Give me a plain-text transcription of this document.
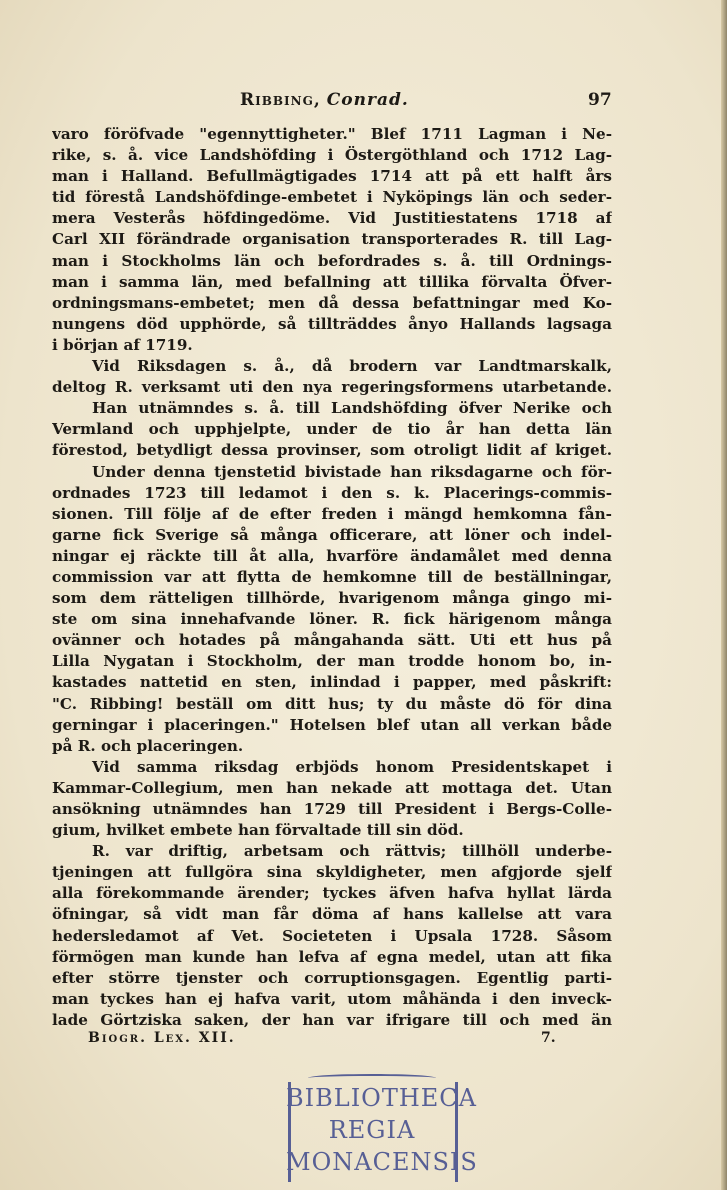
Ribbing, Conrad.	97
varo föröfvade "egennyttigheter." Blef 1711 Lagman i Ne-
rike, s. å. vice Landshöfding i Östergöthland och 1712 Lag-
man i Halland. Befullmägtigades 1714 att på ett halft års
tid förestå Landshöfdinge-embetet i Nyköpings län och seder-
mera Vesterås höfdingedöme. Vid Justitiestatens 1718 af
Carl XII förändrade organisation transporterades R. till Lag-
man i Stockholms län och befordrades s. å. till Ordnings-
man i samma län, med befallning att tillika förvalta Öfver-
ordningsmans-embetet; men då dessa befattningar med Ko-
nungens död upphörde, så tillträddes ånyo Hallands lagsaga
i början af 1719.
Vid Riksdagen s. å., då brodern var Landtmarskalk,
deltog R. verksamt uti den nya regeringsformens utarbetande.
Han utnämndes s. å. till Landshöfding öfver Nerike och
Vermland och upphjelpte, under de tio år han detta län
förestod, betydligt dessa provinser, som otroligt lidit af kriget.
Under denna tjenstetid bivistade han riksdagarne och för-
ordnades 1723 till ledamot i den s. k. Placerings-commis-
sionen. Till följe af de efter freden i mängd hemkomna fån-
garne fick Sverige så många officerare, att löner och indel-
ningar ej räckte till åt alla, hvarföre ändamålet med denna
commission var att flytta de hemkomne till de beställningar,
som dem rätteligen tillhörde, hvarigenom många gingo mi-
ste om sina innehafvande löner. R. fick härigenom många
ovänner och hotades på mångahanda sätt. Uti ett hus på
Lilla Nygatan i Stockholm, der man trodde honom bo, in-
kastades nattetid en sten, inlindad i papper, med påskrift:
"C. Ribbing! beställ om ditt hus; ty du måste dö för dina
gerningar i placeringen." Hotelsen blef utan all verkan både
på R. och placeringen.
Vid samma riksdag erbjöds honom Presidentskapet i
Kammar-Collegium, men han nekade att mottaga det. Utan
ansökning utnämndes han 1729 till President i Bergs-Colle-
gium, hvilket embete han förvaltade till sin död.
R. var driftig, arbetsam och rättvis; tillhöll underbe-
tjeningen att fullgöra sina skyldigheter, men afgjorde sjelf
alla förekommande ärender; tyckes äfven hafva hyllat lärda
öfningar, så vidt man får döma af hans kallelse att vara
hedersledamot af Vet. Societeten i Upsala 1728. Såsom
förmögen man kunde han lefva af egna medel, utan att fika
efter större tjenster och corruptionsgagen. Egentlig parti-
man tyckes han ej hafva varit, utom måhända i den inveck-
lade Görtziska saken, der han var ifrigare till och med än
Biogr. Lex. XII.	7.
BIBLIOTHECA
REGIA
MONACENSIS
